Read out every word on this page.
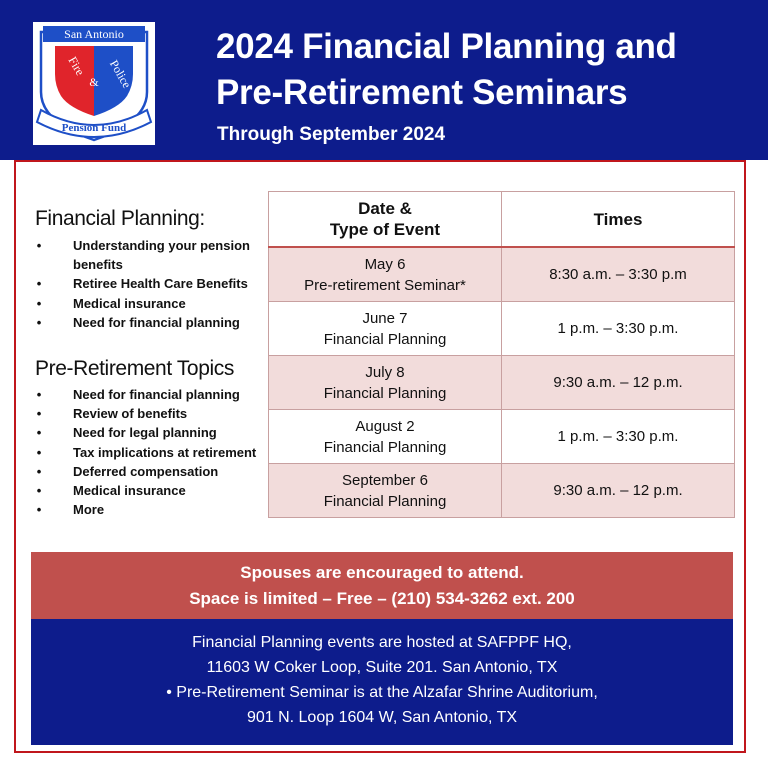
San Antonio
Fire
& Police
Pension Fund
2024 Financial Planning and
Pre-Retirement Seminars
Through September 2024
Financial Planning:
• Understanding your pension benefits
• Retiree Health Care Benefits
• Medical insurance
• Need for financial planning
Pre-Retirement Topics
• Need for financial planning
• Review of benefits
• Need for legal planning
• Tax implications at retirement
• Deferred compensation
• Medical insurance
• More
Date &
Type of Event	Times

May 6
Pre-retirement Seminar*	8:30 a.m. – 3:30 p.m

June 7
Financial Planning	1 p.m. – 3:30 p.m.

July 8
Financial Planning	9:30 a.m. – 12 p.m.

August 2
Financial Planning	1 p.m. – 3:30 p.m.

September 6
Financial Planning	9:30 a.m. – 12 p.m.
Spouses are encouraged to attend.
Space is limited – Free – (210) 534-3262 ext. 200
Financial Planning events are hosted at SAFPPF HQ,
11603 W Coker Loop, Suite 201. San Antonio, TX
• Pre-Retirement Seminar is at the Alzafar Shrine Auditorium,
901 N. Loop 1604 W, San Antonio, TX
